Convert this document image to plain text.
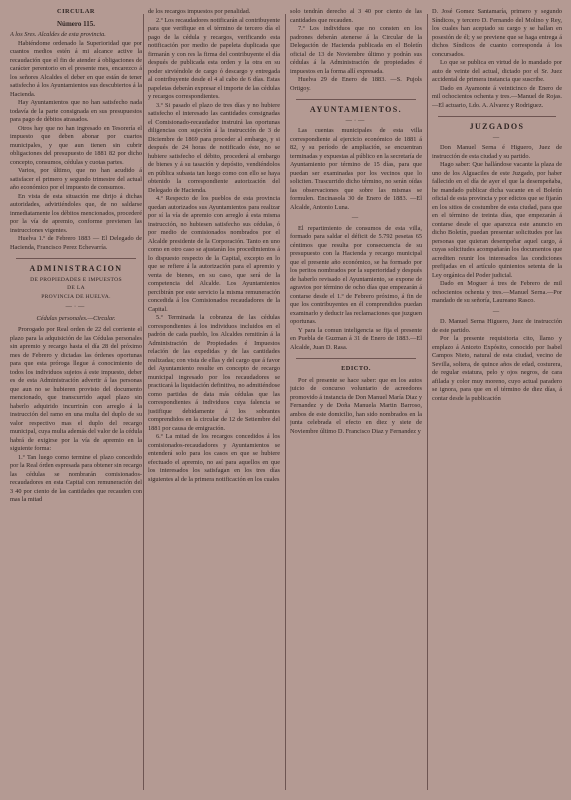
CIRCULAR
Número 115.

A los Sres. Alcaldes de esta provincia.

Habiéndome ordenado la Superioridad que por cuantos medios estén á mi alcance active la recaudación que el fin de atender á obligaciones de carácter perentorio en el presente mes, encarezco á los señores Alcaldes el deber en que están de tener satisfecho á los Ayuntamientos sus descubiertos á la Hacienda.

Hay Ayuntamientos que no han satisfecho nada todavía de la parte consignada en sus presupuestos para pago de débitos atrasados.

Otros hay que no han ingresado en Tesorería el impuesto que deben abonar por cuartos municipales, y que aun tienen sin cubrir obligaciones del presupuesto de 1881 82 por dicho concepto, consumos, cédulas y cuotas partes.

Varios, por último, que no han acudido á satisfacer el primero y segundo trimestre del actual año económico por el impuesto de consumos.

En vista de esta situación me dirijo á dichas autoridades, advirtiéndoles que, de no saldarse inmediatamente los débitos mencionados, procederé por la vía de apremio, conforme previenen las instrucciones vigentes.

Huelva 1.º de Febrero 1883 — El Delegado de Hacienda, Francisco Perez Echevarría.

ADMINISTRACION
DE PROPIEDADES E IMPUESTOS
DE LA
PROVINCIA DE HUELVA.
—·—

Cédulas personales.—Circular.

Prorogado por Real orden de 22 del corriente el plazo para la adquisición de las Cédulas personales sin apremio y recargo hasta el día 28 del próximo mes de Febrero y dictadas las órdenes oportunas para que esta próroga llegue á conocimiento de todos los individuos sujetos á este impuesto, deber es de esta Administración advertir á las personas que aun no se hubieren provisto del documento mencionado, que transcurrido aquel plazo sin haberlo adquirido incurrirán con arreglo á la instrucción del ramo en una multa del duplo de su valor respectivo mas el duplo del recargo municipal, cuya multa además del valor de la cédula habrá de exigirse por la vía de apremio en la siguiente forma:

1.º Tan luego como termine el plazo concedido por la Real órden espresada para obtener sin recargo las cédulas se nombrarán comisionados-recaudadores en esta Capital con remuneración del 3 40 por ciento de las cantidades que recauden con mas la mitad

de los recargos impuestos por penalidad.

2.º Los recaudadores notificarán al contribuyente para que verifique en el término de tercero día el pago de la cédula y recargos, verificando esta notificación por medio de papeleta duplicada que firmarán y con res la firma del contribuyente el día después de publicada esta orden y la otra en su poder sirviéndole de cargo ó descargo y entregada al contribuyente desde el 4 al cabo de 6 días. Estas papeletas deberán expresar el importe de las cédulas y recargos correspondientes.

3.º Si pasado el plazo de tres días y no hubiere satisfecho el interesado las cantidades consignadas el Comisionado-recaudador instruirá las oportunas diligencias con sujeción á la instrucción de 3 de Diciembre de 1869 para proceder al embargo, y si después de 24 horas de notificado éste, no se hubiere satisfecho el débito, procederá al embargo de bienes y á su tasación y depósito, vendiéndolos en pública subasta tan luego como con ello se haya obtenido la correspondiente autorización del Delegado de Hacienda.

4.º Respecto de los pueblos de esta provincia quedan autorizados sus Ayuntamientos para realizar por sí la vía de apremio con arreglo á esta misma instrucción, no hubiesen satisfecho sus cédulas, ó por medio de comisionados nombrados por el Alcalde presidente de la Corporación. Tanto en uno como en otro caso se ajustarán los procedimientos á lo dispuesto respecto de la Capital, excepto en lo que se refiere á la autorización para el apremio y venta de bienes, en su caso, que será de la competencia del Alcalde. Los Ayuntamientos percibirán por este servicio la misma remuneración concedida á los Comisionados recaudadores de la Capital.

5.º Terminada la cobranza de las cédulas correspondientes á los individuos incluidos en el padrón de cada pueblo, los Alcaldes remitirán á la Administración de Propiedades é Impuestos relación de las expedidas y de las cantidades realizadas; con vista de ellas y del cargo que á favor del Ayuntamiento resulte en concepto de recargo municipal ingresado por los recaudadores se practicará la liquidación definitiva, no admitiéndose como partidas de data más cédulas que las correspondientes á individuos cuya falencia se justifique debidamente á los sobrantes comprendidos en la circular de 12 de Setiembre del 1881 por causa de emigración.

6.º La mitad de los recargos concedidos á los comisionados-recaudadores y Ayuntamientos se entenderá solo para los casos en que se hubiere efectuado el apremio, no así para aquellos en que los interesados los satisfagan en los tres días siguientes al de la primera notificación en los cuales

solo tendrán derecho al 3 40 por ciento de las cantidades que recauden.

7.º Los individuos que no consten en los padrones deberán atenerse á la Circular de la Delegación de Hacienda publicada en el Boletín oficial de 13 de Noviembre último y podrán sus cédulas á la Administración de propiedades é impuestos en la forma allí expresada.

Huelva 29 de Enero de 1883. —S. Pujols Ortigoy.

AYUNTAMIENTOS.
—·—

Las cuentas municipales de esta villa correspondiente al ejercicio económico de 1881 á 82, y su período de ampliación, se encuentran terminadas y expuestas al público en la secretaría de Ayuntamiento por término de 15 días, para que puedan ser examinadas por los vecinos que lo soliciten. Trascurrido dicho término, no serán oídas las observaciones que sobre las mismas se formulen. Encinasola 30 de Enero de 1883. —El Alcalde, Antonio Luna.

—

El repartimiento de consumos de esta villa, formado para saldar el déficit de 5.792 pesetas 65 céntimos que resulta por consecuencia de su presupuesto con la Hacienda y recargo municipal que el presente año económico, se ha formado por los peritos nombrados por la superioridad y después de haberlo revisado el Ayuntamiento, se expone de agravios por término de ocho días que empezarán á contarse desde el 1.º de Febrero próximo, á fin de que los contribuyentes en él comprendidos puedan examinarlo y deducir las reclamaciones que juzguen oportunas.

Y para la comun inteligencia se fija el presente en Puebla de Guzman á 31 de Enero de 1883.—El Alcalde, Juan D. Rasa.

EDICTO.

Por el presente se hace saber: que en los autos juicio de concurso voluntario de acreedores promovido á instancia de Don Manuel María Diaz y Fernandez y de Doña Manuela Martin Barroso, ambos de este domicilio, han sido nombrados en la junta celebrada el efecto en diez y siete de Noviembre último D. Francisco Diaz y Fernandez y

D. José Gomez Santamaría, primero y segundo Síndicos, y tercero D. Fernando del Molino y Rey, los cuales han aceptado su cargo y se hallan en posesión de él; y se previene que se haga entrega á dichos Síndicos de cuanto corresponda á los concursados.

Lo que se publica en virtud de lo mandado por auto de veinte del actual, dictado por el Sr. Juez accidental de primera instancia que suscribe.

Dado en Ayamonte á veinticinco de Enero de mil ochocientos ochenta y tres.—Manuel de Rojas. —El actuario, Ldo. A. Alvarez y Rodriguez.

JUZGADOS
—

Don Manuel Serna é Higuero, Juez de instrucción de esta ciudad y su partido.

Hago saber: Que hallándose vacante la plaza de uno de los Alguaciles de este Juzgado, por haber fallecido en el día de ayer el que la desempeñaba, he mandado publicar dicha vacante en el Boletín oficial de esta provincia y por edictos que se fijarán en los sitios de costumbre de esta ciudad, para que en el término de treinta días, que empezarán á contarse desde el que aparezca este anuncio en dicho Boletín, puedan presentar solicitudes por las personas que quieran desempeñar aquel cargo, á cuyas solicitudes acompañarán los documentos que acrediten reunir los interesados las condiciones prefijadas en el artículo quinientos setenta de la Ley orgánica del Poder judicial.

Dado en Moguer á tres de Febrero de mil ochocientos ochenta y tres.—Manuel Serna.—Por mandado de su señoría, Laureano Rasco.

—

D. Manuel Serna Higuero, Juez de instrucción de este partido.

Por la presente requisitoria cito, llamo y emplazo á Aniceto Expósito, conocido por Isabel Campos Nieto, natural de esta ciudad, vecino de Sevilla, soltera, de quince años de edad, costurera, de regular estatura, pelo y ojos negros, de cara afilada y color muy moreno, cuyo actual paradero se ignora, para que en el término de diez días, á contar desde la publicación
